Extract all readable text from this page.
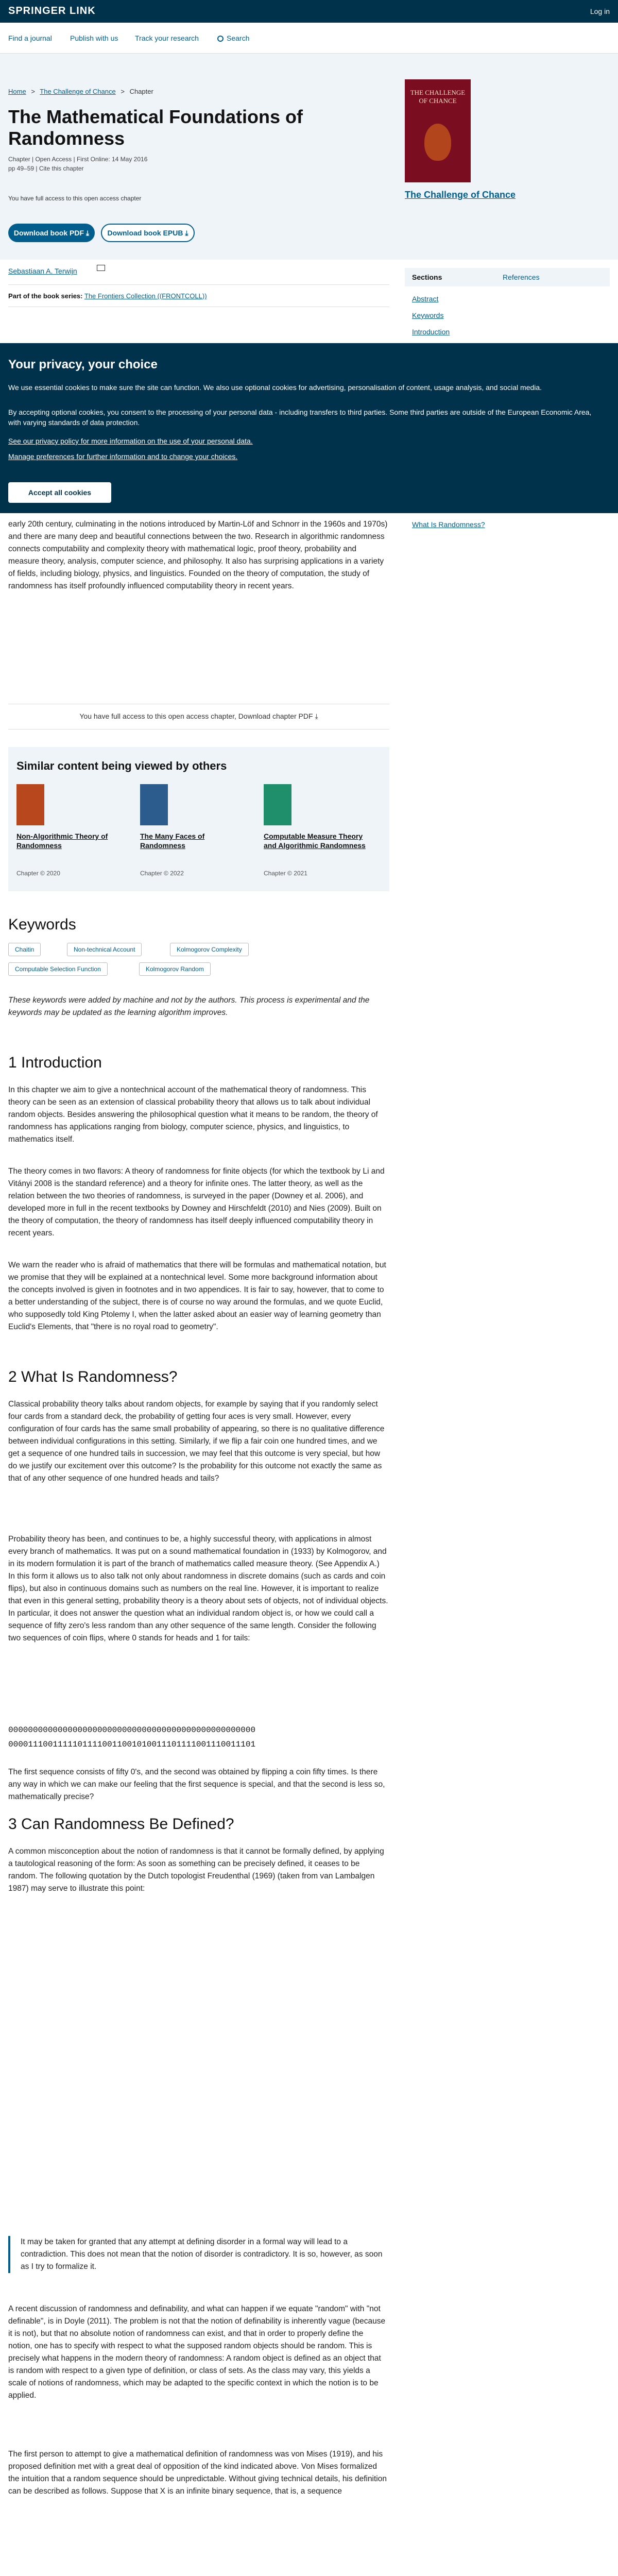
SPRINGER LINK	Log in
Find a journal	Publish with us Track your research	Search
Home > The Challenge of Chance > Chapter
The Mathematical Foundations of Randomness
Chapter | Open Access | First Online: 14 May 2016
pp 49–59 | Cite this chapter
You have full access to this open access chapter
Download book PDF ⤓	Download book EPUB ⤓
THE CHALLENGE OF CHANCE
The Challenge of Chance
Sebastiaan A. Terwijn
Part of the book series: The Frontiers Collection ((FRONTCOLL))
Sections	References
Abstract
Keywords
Introduction
What Is Randomness?
Your privacy, your choice
We use essential cookies to make sure the site can function. We also use optional cookies for advertising, personalisation of content, usage analysis, and social media.
By accepting optional cookies, you consent to the processing of your personal data - including transfers to third parties. Some third parties are outside of the European Economic Area, with varying standards of data protection.
See our privacy policy for more information on the use of your personal data.
Manage preferences for further information and to change your choices.
Accept all cookies
early 20th century, culminating in the notions introduced by Martin-Löf and Schnorr in the 1960s and 1970s) and there are many deep and beautiful connections between the two. Research in algorithmic randomness connects computability and complexity theory with mathematical logic, proof theory, probability and measure theory, analysis, computer science, and philosophy. It also has surprising applications in a variety of fields, including biology, physics, and linguistics. Founded on the theory of computation, the study of randomness has itself profoundly influenced computability theory in recent years.
You have full access to this open access chapter, Download chapter PDF ⤓
Similar content being viewed by others
Non-Algorithmic Theory of Randomness
Chapter © 2020
The Many Faces of Randomness
Chapter © 2022
Computable Measure Theory and Algorithmic Randomness
Chapter © 2021
Keywords
Chaitin	Non-technical Account	Kolmogorov Complexity
Computable Selection Function	Kolmogorov Random
These keywords were added by machine and not by the authors. This process is experimental and the keywords may be updated as the learning algorithm improves.
1 Introduction
In this chapter we aim to give a nontechnical account of the mathematical theory of randomness. This theory can be seen as an extension of classical probability theory that allows us to talk about individual random objects. Besides answering the philosophical question what it means to be random, the theory of randomness has applications ranging from biology, computer science, physics, and linguistics, to mathematics itself.
The theory comes in two flavors: A theory of randomness for finite objects (for which the textbook by Li and Vitányi 2008 is the standard reference) and a theory for infinite ones. The latter theory, as well as the relation between the two theories of randomness, is surveyed in the paper (Downey et al. 2006), and developed more in full in the recent textbooks by Downey and Hirschfeldt (2010) and Nies (2009). Built on the theory of computation, the theory of randomness has itself deeply influenced computability theory in recent years.
We warn the reader who is afraid of mathematics that there will be formulas and mathematical notation, but we promise that they will be explained at a nontechnical level. Some more background information about the concepts involved is given in footnotes and in two appendices. It is fair to say, however, that to come to a better understanding of the subject, there is of course no way around the formulas, and we quote Euclid, who supposedly told King Ptolemy I, when the latter asked about an easier way of learning geometry than Euclid's Elements, that "there is no royal road to geometry".
2 What Is Randomness?
Classical probability theory talks about random objects, for example by saying that if you randomly select four cards from a standard deck, the probability of getting four aces is very small. However, every configuration of four cards has the same small probability of appearing, so there is no qualitative difference between individual configurations in this setting. Similarly, if we flip a fair coin one hundred times, and we get a sequence of one hundred tails in succession, we may feel that this outcome is very special, but how do we justify our excitement over this outcome? Is the probability for this outcome not exactly the same as that of any other sequence of one hundred heads and tails?
Probability theory has been, and continues to be, a highly successful theory, with applications in almost every branch of mathematics. It was put on a sound mathematical foundation in (1933) by Kolmogorov, and in its modern formulation it is part of the branch of mathematics called measure theory. (See Appendix A.) In this form it allows us to also talk not only about randomness in discrete domains (such as cards and coin flips), but also in continuous domains such as numbers on the real line. However, it is important to realize that even in this general setting, probability theory is a theory about sets of objects, not of individual objects. In particular, it does not answer the question what an individual random object is, or how we could call a sequence of fifty zero's less random than any other sequence of the same length. Consider the following two sequences of coin flips, where 0 stands for heads and 1 for tails:
00000000000000000000000000000000000000000000000000
00001110011111011110011001010011101111001110011101
The first sequence consists of fifty 0's, and the second was obtained by flipping a coin fifty times. Is there any way in which we can make our feeling that the first sequence is special, and that the second is less so, mathematically precise?
3 Can Randomness Be Defined?
A common misconception about the notion of randomness is that it cannot be formally defined, by applying a tautological reasoning of the form: As soon as something can be precisely defined, it ceases to be random. The following quotation by the Dutch topologist Freudenthal (1969) (taken from van Lambalgen 1987) may serve to illustrate this point:
It may be taken for granted that any attempt at defining disorder in a formal way will lead to a contradiction. This does not mean that the notion of disorder is contradictory. It is so, however, as soon as I try to formalize it.
A recent discussion of randomness and definability, and what can happen if we equate "random" with "not definable", is in Doyle (2011). The problem is not that the notion of definability is inherently vague (because it is not), but that no absolute notion of randomness can exist, and that in order to properly define the notion, one has to specify with respect to what the supposed random objects should be random. This is precisely what happens in the modern theory of randomness: A random object is defined as an object that is random with respect to a given type of definition, or class of sets. As the class may vary, this yields a scale of notions of randomness, which may be adapted to the specific context in which the notion is to be applied.
The first person to attempt to give a mathematical definition of randomness was von Mises (1919), and his proposed definition met with a great deal of opposition of the kind indicated above. Von Mises formalized the intuition that a random sequence should be unpredictable. Without giving technical details, his definition can be described as follows. Suppose that X is an infinite binary sequence, that is, a sequence
